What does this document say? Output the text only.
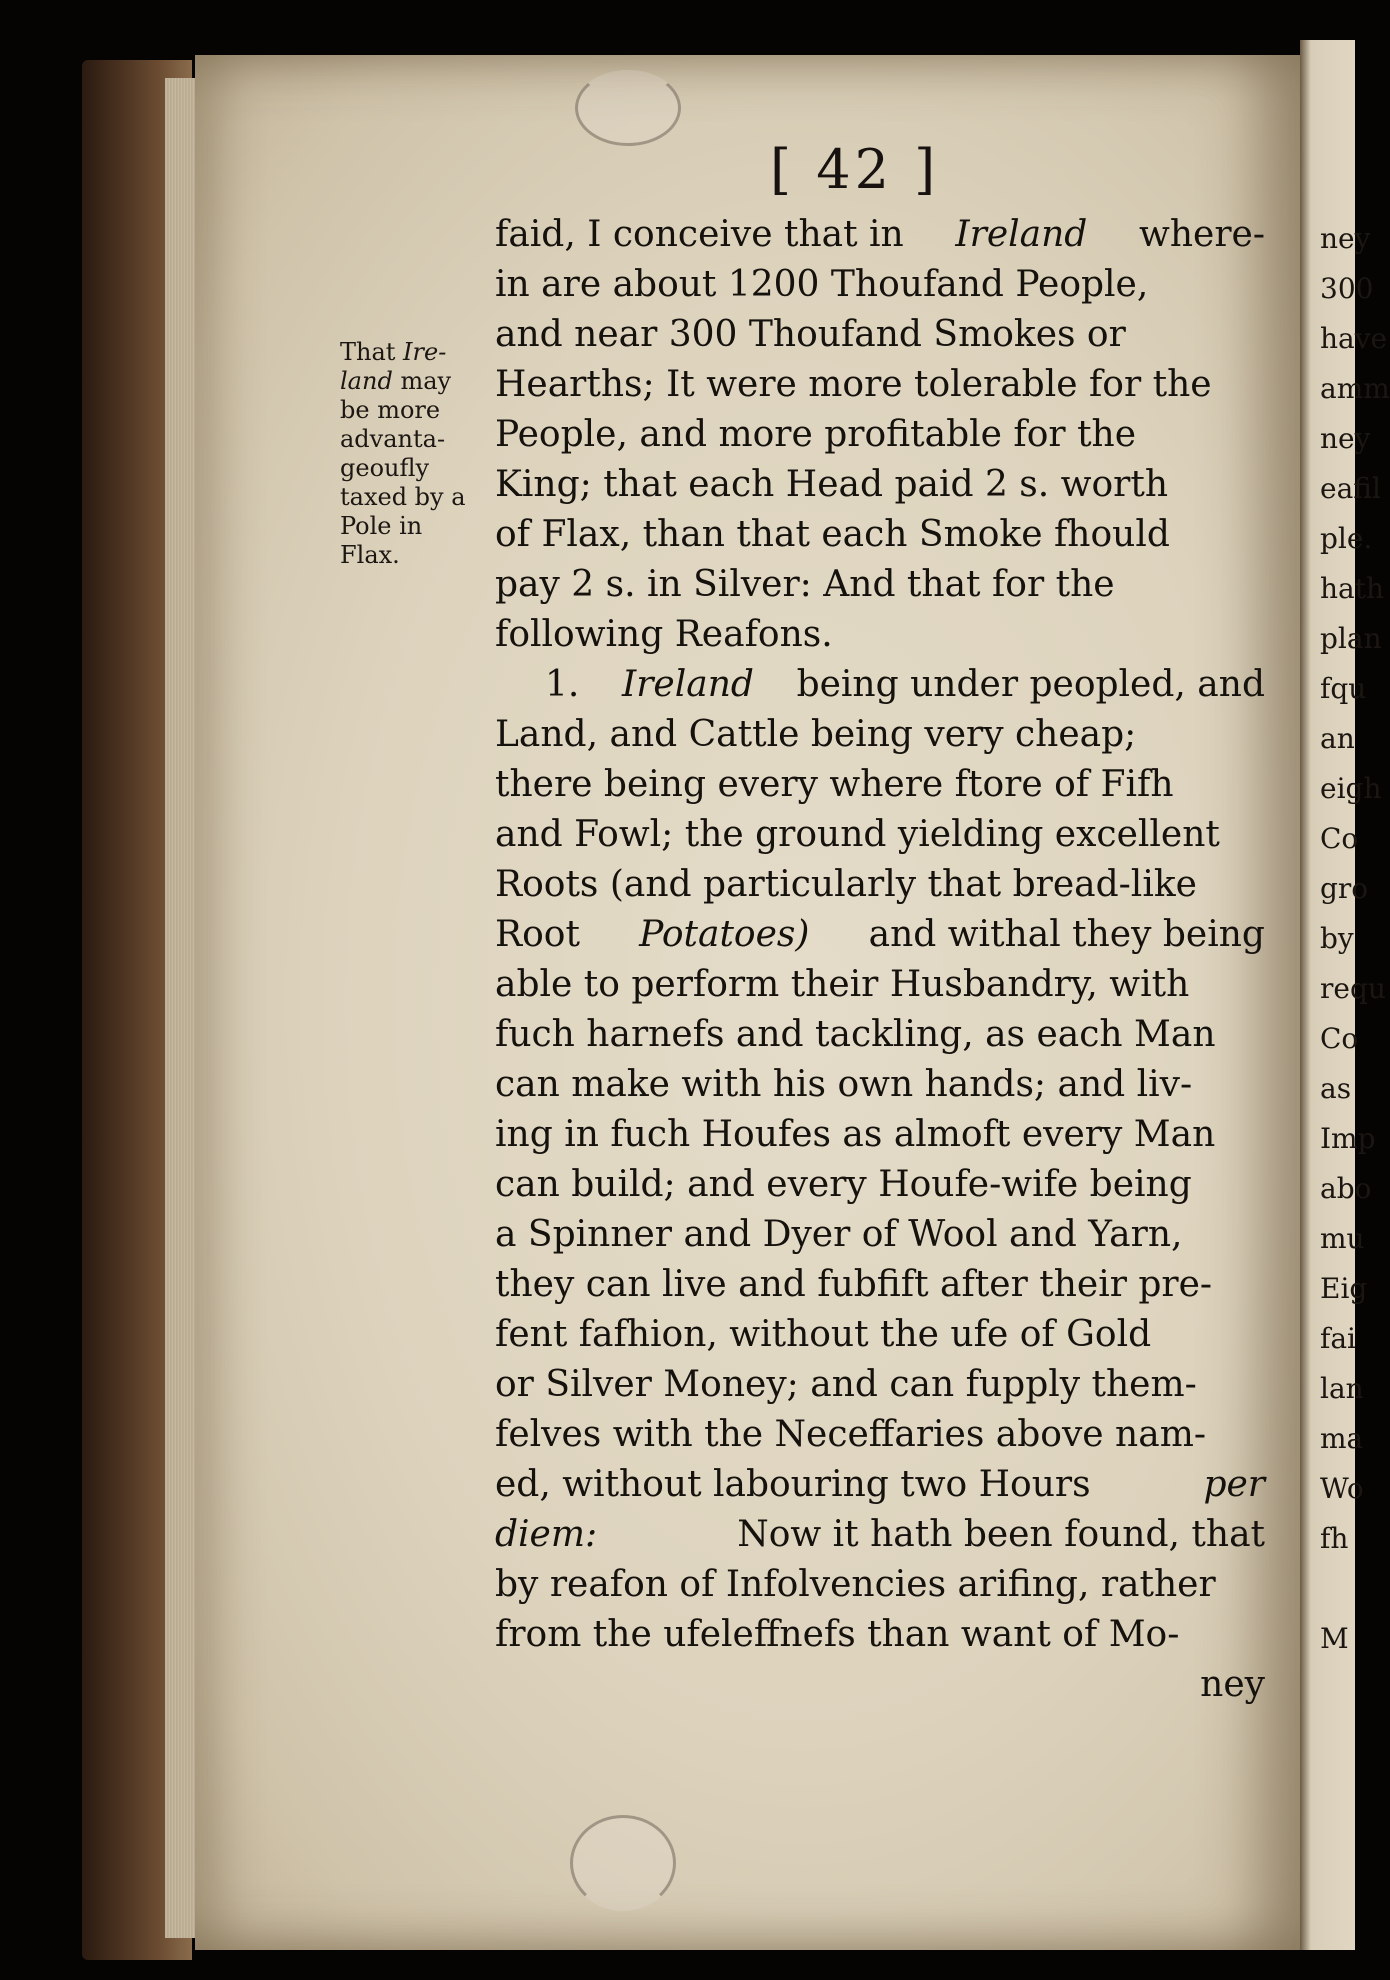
ney
300
have
amm
ney
eafil
ple.
hath
plan
fqu
an
eigh
Co
gro
by
requ
Co
as
Imp
abo
mu
Eig
fai
lan
ma
Wo
fh
M
[ 42 ]
That Ire-
land may
be more
advanta-
geoufly
taxed by a
Pole in
Flax.
faid, I conceive that in Ireland where-
in are about 1200 Thoufand People,
and near 300 Thoufand Smokes or
Hearths; It were more tolerable for the
People, and more profitable for the
King; that each Head paid 2 s. worth
of Flax, than that each Smoke fhould
pay 2 s. in Silver: And that for the
following Reafons.
1. Ireland being under peopled, and
Land, and Cattle being very cheap;
there being every where ftore of Fifh
and Fowl; the ground yielding excellent
Roots (and particularly that bread-like
Root Potatoes) and withal they being
able to perform their Husbandry, with
fuch harnefs and tackling, as each Man
can make with his own hands; and liv-
ing in fuch Houfes as almoft every Man
can build; and every Houfe-wife being
a Spinner and Dyer of Wool and Yarn,
they can live and fubfift after their pre-
fent fafhion, without the ufe of Gold
or Silver Money; and can fupply them-
felves with the Neceffaries above nam-
ed, without labouring two Hours	per
diem:	Now it hath been found, that
by reafon of Infolvencies arifing, rather
from the ufeleffnefs than want of Mo-
ney
